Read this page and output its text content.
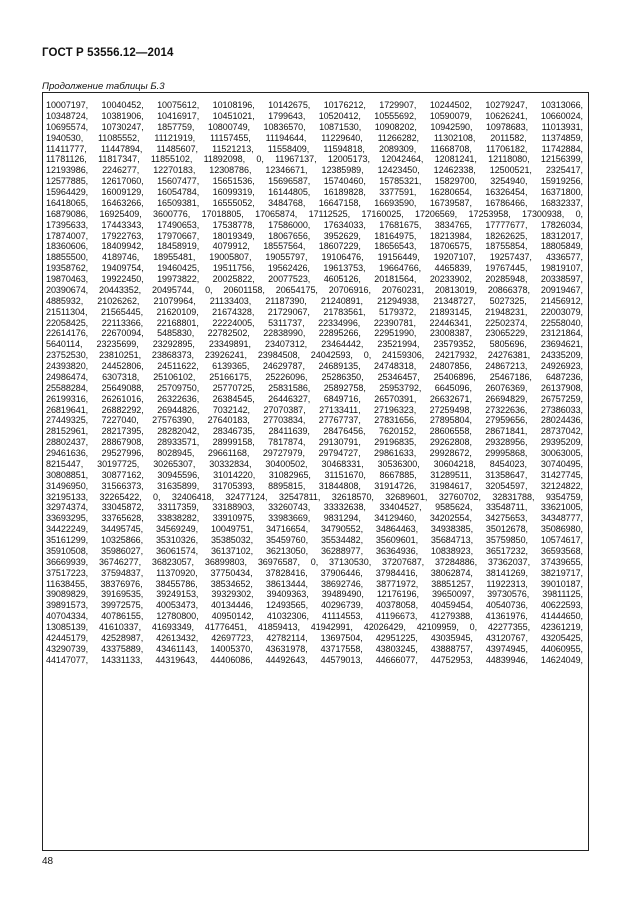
ГОСТ Р 53556.12—2014
Продолжение таблицы Б.3
10007197, 10040452, 10075612, 10108196, 10142675, 10176212, 1729907, 10244502, 10279247, 10313066,
10348724, 10381906, 10416917, 10451021, 1799643, 10520412, 10555692, 10590079, 10626241, 10660024,
10695574, 10730247, 1857759, 10800749, 10836570, 10871530, 10908202, 10942590, 10978683, 11013931,
1940530, 11085552, 11121919, 11157455, 11194644, 11229640, 11266282, 11302108, 2011582, 11374859,
11411777, 11447894, 11485607, 11521213, 11558409, 11594818, 2089309, 11668708, 11706182, 11742884,
11781126, 11817347, 11855102, 11892098, 0, 11967137, 12005173, 12042464, 12081241, 12118080, 12156399,
12193986, 2246277, 12270183, 12308786, 12346671, 12385989, 12423450, 12462338, 12500521, 2325417,
12577885, 12617060, 15607477, 15651536, 15696587, 15740460, 15785321, 15829700, 3254940, 15919256,
15964429, 16009129, 16054784, 16099319, 16144805, 16189828, 3377591, 16280654, 16326454, 16371800,
16418065, 16463266, 16509381, 16555052, 3484768, 16647158, 16693590, 16739587, 16786466, 16832337,
16879086, 16925409, 3600776, 17018805, 17065874, 17112525, 17160025, 17206569, 17253958, 17300938, 0,
17395633, 17443343, 17490653, 17538778, 17586000, 17634033, 17681675, 3834765, 17777677, 17826034,
17874007, 17922763, 17970667, 18019349, 18067656, 3952629, 18164975, 18213984, 18262625, 18312017,
18360606, 18409942, 18458919, 4079912, 18557564, 18607229, 18656543, 18706575, 18755854, 18805849,
18855500, 4189746, 18955481, 19005807, 19055797, 19106476, 19156449, 19207107, 19257437, 4336577,
19358762, 19409754, 19460425, 19511756, 19562426, 19613753, 19664766, 4465839, 19767445, 19819107,
19870463, 19922450, 19973822, 20025822, 20077523, 4605126, 20181564, 20233902, 20285948, 20338597,
20390674, 20443352, 20495744, 0, 20601158, 20654175, 20706916, 20760231, 20813019, 20866378, 20919467,
4885932, 21026262, 21079964, 21133403, 21187390, 21240891, 21294938, 21348727, 5027325, 21456912,
21511304, 21565445, 21620109, 21674328, 21729067, 21783561, 5179372, 21893145, 21948231, 22003079,
22058425, 22113366, 22168801, 22224005, 5311737, 22334996, 22390781, 22446341, 22502374, 22558040,
22614176, 22670094, 5485830, 22782502, 22838990, 22895266, 22951990, 23008387, 23065229, 23121864,
5640114, 23235699, 23292895, 23349891, 23407312, 23464442, 23521994, 23579352, 5805696, 23694621,
23752530, 23810251, 23868373, 23926241, 23984508, 24042593, 0, 24159306, 24217932, 24276381, 24335209,
24393820, 24452806, 24511622, 6139365, 24629787, 24689135, 24748318, 24807856, 24867213, 24926923,
24986474, 6307318, 25106102, 25166175, 25226096, 25286350, 25346457, 25406896, 25467186, 6487236,
25588284, 25649088, 25709750, 25770725, 25831586, 25892758, 25953792, 6645096, 26076369, 26137908,
26199316, 26261016, 26322636, 26384545, 26446327, 6849716, 26570391, 26632671, 26694829, 26757259,
26819641, 26882292, 26944826, 7032142, 27070387, 27133411, 27196323, 27259498, 27322636, 27386033,
27449325, 7227040, 27576390, 27640183, 27703834, 27767737, 27831656, 27895804, 27959656, 28024436,
28152961, 28217395, 28282042, 28346735, 28411639, 28476456, 7620152, 28606558, 28671841, 28737042,
28802437, 28867908, 28933571, 28999158, 7817874, 29130791, 29196835, 29262808, 29328956, 29395209,
29461636, 29527996, 8028945, 29661168, 29727979, 29794727, 29861633, 29928672, 29995868, 30063005,
8215447, 30197725, 30265307, 30332834, 30400502, 30468331, 30536300, 30604218, 8454023, 30740495,
30808851, 30877162, 30945596, 31014220, 31082965, 31151670, 8667885, 31289511, 31358647, 31427745,
31496950, 31566373, 31635899, 31705393, 8895815, 31844808, 31914726, 31984617, 32054597, 32124822,
32195133, 32265422, 0, 32406418, 32477124, 32547811, 32618570, 32689601, 32760702, 32831788, 9354759,
32974374, 33045872, 33117359, 33188903, 33260743, 33332638, 33404527, 9585624, 33548711, 33621005,
33693295, 33765628, 33838282, 33910975, 33983669, 9831294, 34129460, 34202554, 34275653, 34348777,
34422249, 34495745, 34569249, 10049751, 34716654, 34790552, 34864463, 34938385, 35012678, 35086980,
35161299, 10325866, 35310326, 35385032, 35459760, 35534482, 35609601, 35684713, 35759850, 10574617,
35910508, 35986027, 36061574, 36137102, 36213050, 36288977, 36364936, 10838923, 36517232, 36593568,
36669939, 36746277, 36823057, 36899803, 36976587, 0, 37130530, 37207687, 37284886, 37362037, 37439655,
37517223, 37594837, 11370920, 37750434, 37828416, 37906446, 37984416, 38062874, 38141269, 38219717,
11638455, 38376976, 38455786, 38534652, 38613444, 38692746, 38771972, 38851257, 11922313, 39010187,
39089829, 39169535, 39249153, 39329302, 39409363, 39489490, 12176196, 39650097, 39730576, 39811125,
39891573, 39972575, 40053473, 40134446, 12493565, 40296739, 40378058, 40459454, 40540736, 40622593,
40704334, 40786155, 12780800, 40950142, 41032306, 41114553, 41196673, 41279388, 41361976, 41444650,
13085139, 41610337, 41693349, 41776451, 41859413, 41942991, 42026429, 42109959, 0, 42277355, 42361219,
42445179, 42528987, 42613432, 42697723, 42782114, 13697504, 42951225, 43035945, 43120767, 43205425,
43290739, 43375889, 43461143, 14005370, 43631978, 43717558, 43803245, 43888757, 43974945, 44060955,
44147077, 14331133, 44319643, 44406086, 44492643, 44579013, 44666077, 44752953, 44839946, 14624049,
48
